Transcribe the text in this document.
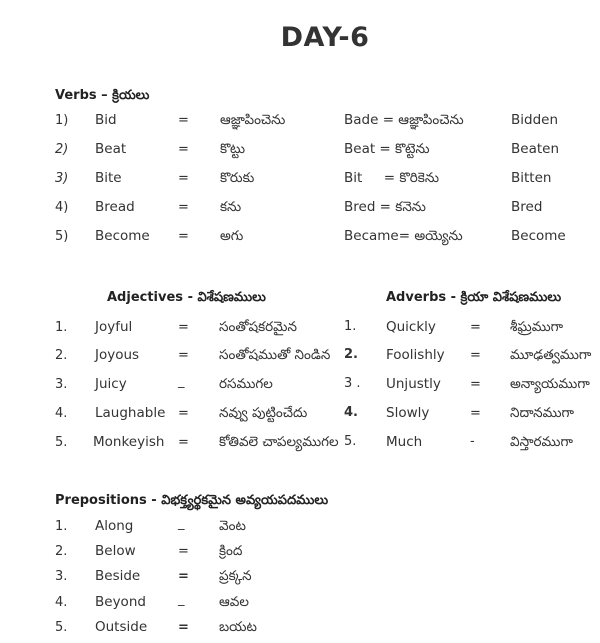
DAY-6
Verbs – క్రియలు
1) Bid	= ఆజ్ఞాపించెను	Bade = ఆజ్ఞాపించెను	Bidden
2) Beat	= కొట్టు	Beat = కొట్టెను	Beaten
3) Bite	= కొరుకు	Bit     = కొరికెను	Bitten
4) Bread	= కను	Bred = కనెను	Bred
5) Become = అగు	Became= అయ్యెను	Become
Adjectives - విశేషణములు
1. Joyful	= సంతోషకరమైన
2. Joyous	= సంతోషముతో నిండిన
3. Juicy	_	రసముగల
4. Laughable = నవ్వు పుట్టించేదు
5. Monkeyish = కోతివలె చాపల్యముగల
Adverbs - క్రియా విశేషణములు
1. Quickly	= శీఘ్రముగా
2. Foolishly = మూఢత్వముగా
3 . Unjustly = అన్యాయముగా
4. Slowly	= నిదానముగా
5. Much	-	విస్తారముగా
Prepositions - విభక్త్యర్థకమైన అవ్యయపదములు
1. Along	_	వెంట
2. Below	= క్రింద
3. Beside	= ప్రక్కన
4. Beyond _	ఆవల
5. Outside = బయట
